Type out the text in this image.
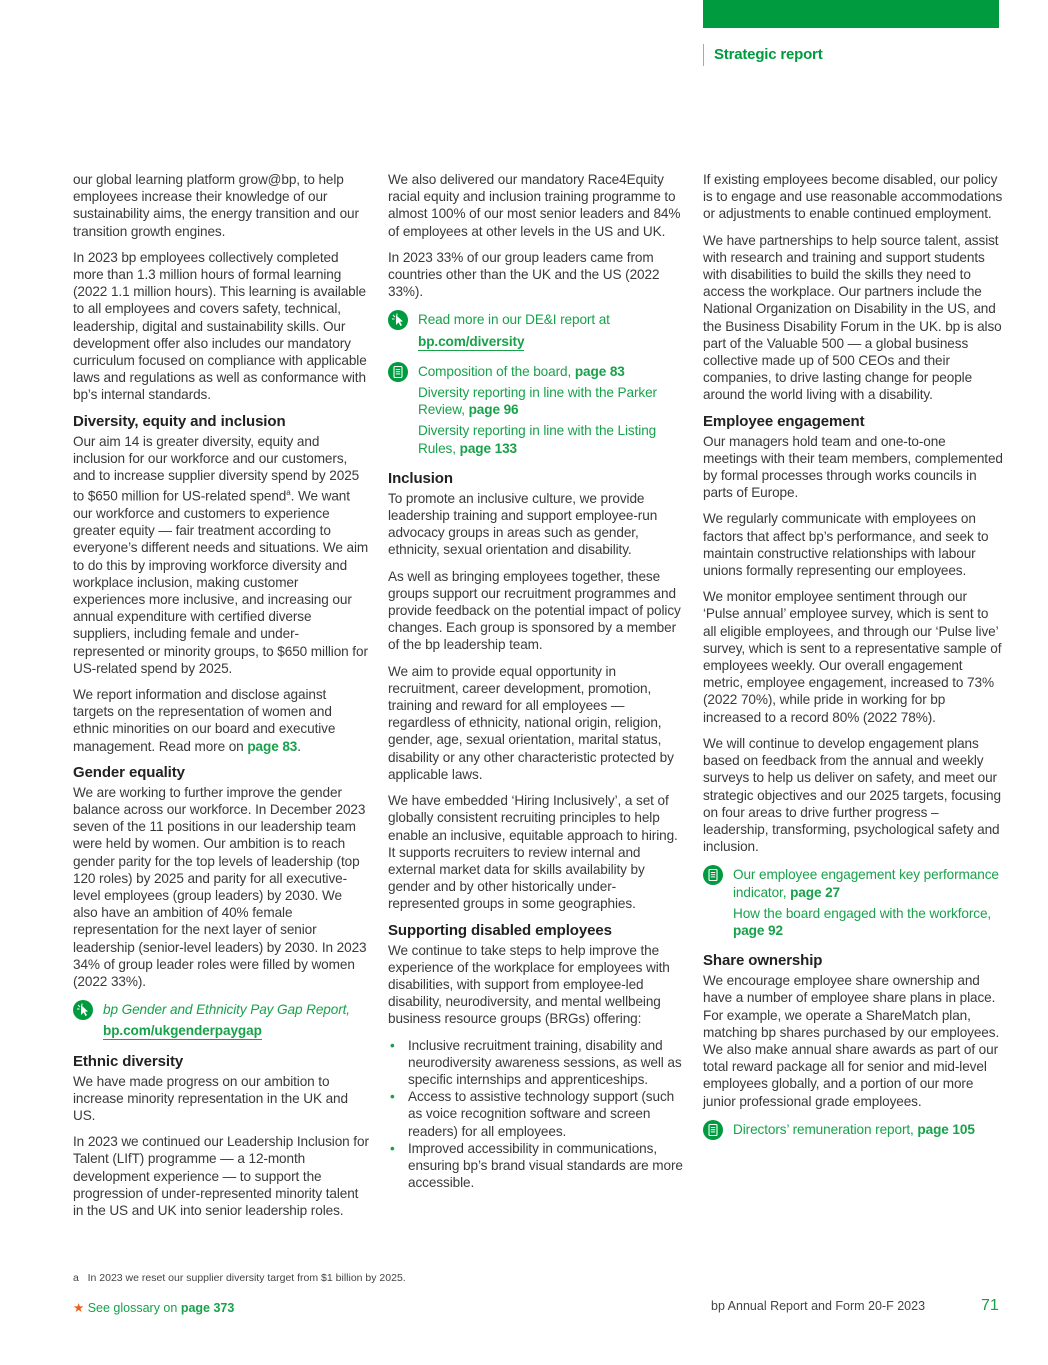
Strategic report

our global learning platform grow@bp, to help employees increase their knowledge of our sustainability aims, the energy transition and our transition growth engines.

In 2023 bp employees collectively completed more than 1.3 million hours of formal learning (2022 1.1 million hours). This learning is available to all employees and covers safety, technical, leadership, digital and sustainability skills. Our development offer also includes our mandatory curriculum focused on compliance with applicable laws and regulations as well as conformance with bp’s internal standards.

Diversity, equity and inclusion

Our aim 14 is greater diversity, equity and inclusion for our workforce and our customers, and to increase supplier diversity spend by 2025 to $650 million for US-related spend$^a$. We want our workforce and customers to experience greater equity — fair treatment according to everyone’s different needs and situations. We aim to do this by improving workforce diversity and workplace inclusion, making customer experiences more inclusive, and increasing our annual expenditure with certified diverse suppliers, including female and under-represented or minority groups, to $650 million for US-related spend by 2025.

We report information and disclose against targets on the representation of women and ethnic minorities on our board and executive management. Read more on page 83.

Gender equality

We are working to further improve the gender balance across our workforce. In December 2023 seven of the 11 positions in our leadership team were held by women. Our ambition is to reach gender parity for the top levels of leadership (top 120 roles) by 2025 and parity for all executive-level employees (group leaders) by 2030. We also have an ambition of 40% female representation for the next layer of senior leadership (senior-level leaders) by 2030. In 2023 34% of group leader roles were filled by women (2022 33%).

bp Gender and Ethnicity Pay Gap Report,
bp.com/ukgenderpaygap
Ethnic diversity

We have made progress on our ambition to increase minority representation in the UK and US.

In 2023 we continued our Leadership Inclusion for Talent (LIfT) programme — a 12-month development experience — to support the progression of under-represented minority talent in the US and UK into senior leadership roles.

We also delivered our mandatory Race4Equity racial equity and inclusion training programme to almost 100% of our most senior leaders and 84% of employees at other levels in the US and UK.

In 2023 33% of our group leaders came from countries other than the UK and the US (2022 33%).

Read more in our DE&I report at
bp.com/diversity
Composition of the board, page 83
Diversity reporting in line with the Parker Review, page 96
Diversity reporting in line with the Listing Rules, page 133
Inclusion

To promote an inclusive culture, we provide leadership training and support employee-run advocacy groups in areas such as gender, ethnicity, sexual orientation and disability.

As well as bringing employees together, these groups support our recruitment programmes and provide feedback on the potential impact of policy changes. Each group is sponsored by a member of the bp leadership team.

We aim to provide equal opportunity in recruitment, career development, promotion, training and reward for all employees — regardless of ethnicity, national origin, religion, gender, age, sexual orientation, marital status, disability or any other characteristic protected by applicable laws.

We have embedded ‘Hiring Inclusively’, a set of globally consistent recruiting principles to help enable an inclusive, equitable approach to hiring. It supports recruiters to review internal and external market data for skills availability by gender and by other historically under-represented groups in some geographies.

Supporting disabled employees

We continue to take steps to help improve the experience of the workplace for employees with disabilities, with support from employee-led disability, neurodiversity, and mental wellbeing business resource groups (BRGs) offering:

• Inclusive recruitment training, disability and neurodiversity awareness sessions, as well as specific internships and apprenticeships.
• Access to assistive technology support (such as voice recognition software and screen readers) for all employees.
• Improved accessibility in communications, ensuring bp’s brand visual standards are more accessible.

If existing employees become disabled, our policy is to engage and use reasonable accommodations or adjustments to enable continued employment.

We have partnerships to help source talent, assist with research and training and support students with disabilities to build the skills they need to access the workplace. Our partners include the National Organization on Disability in the US, and the Business Disability Forum in the UK. bp is also part of the Valuable 500 — a global business collective made up of 500 CEOs and their companies, to drive lasting change for people around the world living with a disability.

Employee engagement

Our managers hold team and one-to-one meetings with their team members, complemented by formal processes through works councils in parts of Europe.

We regularly communicate with employees on factors that affect bp’s performance, and seek to maintain constructive relationships with labour unions formally representing our employees.

We monitor employee sentiment through our ‘Pulse annual’ employee survey, which is sent to all eligible employees, and through our ‘Pulse live’ survey, which is sent to a representative sample of employees weekly. Our overall engagement metric, employee engagement, increased to 73% (2022 70%), while pride in working for bp increased to a record 80% (2022 78%).

We will continue to develop engagement plans based on feedback from the annual and weekly surveys to help us deliver on safety, and meet our strategic objectives and our 2025 targets, focusing on four areas to drive further progress – leadership, transforming, psychological safety and inclusion.

Our employee engagement key performance indicator, page 27
How the board engaged with the workforce, page 92
Share ownership

We encourage employee share ownership and have a number of employee share plans in place. For example, we operate a ShareMatch plan, matching bp shares purchased by our employees. We also make annual share awards as part of our total reward package all for senior and mid-level employees globally, and a portion of our more junior professional grade employees.

Directors’ remuneration report, page 105
a In 2023 we reset our supplier diversity target from $1 billion by 2025.
★ See glossary on page 373	bp Annual Report and Form 20-F 2023	71
